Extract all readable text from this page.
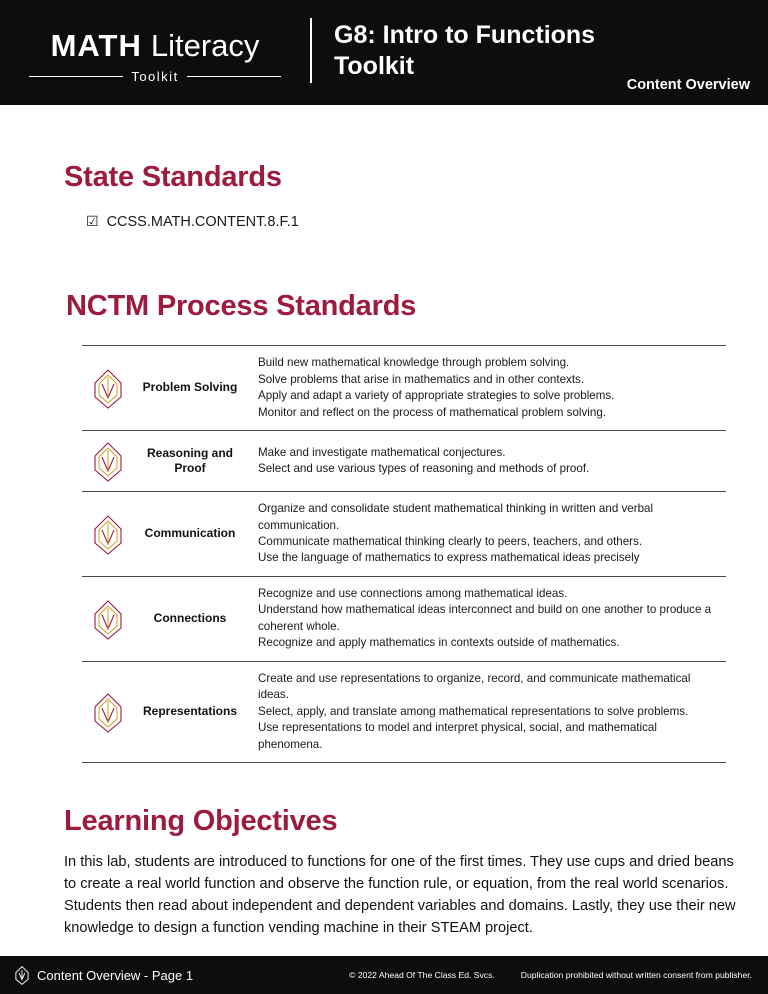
MATH Literacy
Toolkit
G8: Intro to Functions Toolkit
Content Overview
State Standards
☑ CCSS.MATH.CONTENT.8.F.1
NCTM Process Standards
	Problem Solving	Build new mathematical knowledge through problem solving.
Solve problems that arise in mathematics and in other contexts.
Apply and adapt a variety of appropriate strategies to solve problems.
Monitor and reflect on the process of mathematical problem solving.

	Reasoning and Proof	Make and investigate mathematical conjectures.
Select and use various types of reasoning and methods of proof.

	Communication	Organize and consolidate student mathematical thinking in written and verbal communication.
Communicate mathematical thinking clearly to peers, teachers, and others.
Use the language of mathematics to express mathematical ideas precisely

	Connections	Recognize and use connections among mathematical ideas.
Understand how mathematical ideas interconnect and build on one another to produce a coherent whole.
Recognize and apply mathematics in contexts outside of mathematics.

	Representations	Create and use representations to organize, record, and communicate mathematical ideas.
Select, apply, and translate among mathematical representations to solve problems.
Use representations to model and interpret physical, social, and mathematical phenomena.
Learning Objectives

In this lab, students are introduced to functions for one of the first times. They use cups and dried beans to create a real world function and observe the function rule, or equation, from the real world scenarios. Students then read about independent and dependent variables and domains. Lastly, they use their new knowledge to design a function vending machine in their STEAM project.

Content Overview - Page 1	© 2022 Ahead Of The Class Ed. Svcs.	Duplication prohibited without written consent from publisher.
